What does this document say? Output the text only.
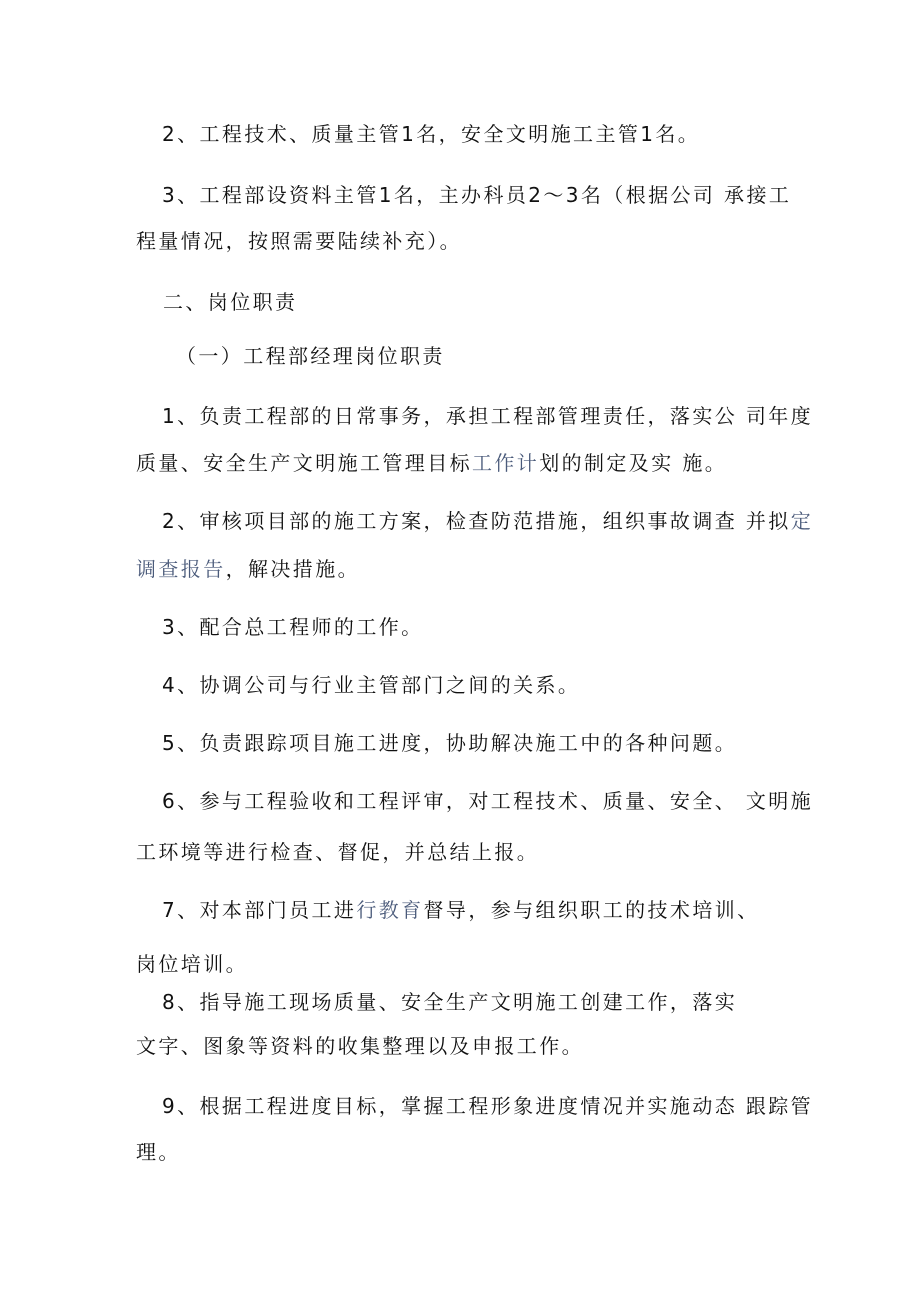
2、工程技术、质量主管1名，安全文明施工主管1名。
3、工程部设资料主管1名，主办科员2～3名（根据公司 承接工
程量情况，按照需要陆续补充）。
二、岗位职责
（一）工程部经理岗位职责
1、负责工程部的日常事务，承担工程部管理责任，落实公 司年度
质量、安全生产文明施工管理目标工作计划的制定及实 施。
2、审核项目部的施工方案，检查防范措施，组织事故调查 并拟定
调查报告，解决措施。
3、配合总工程师的工作。
4、协调公司与行业主管部门之间的关系。
5、负责跟踪项目施工进度，协助解决施工中的各种问题。
6、参与工程验收和工程评审，对工程技术、质量、安全、 文明施
工环境等进行检查、督促，并总结上报。
7、对本部门员工进行教育督导，参与组织职工的技术培训、
岗位培训。
8、指导施工现场质量、安全生产文明施工创建工作，落实
文字、图象等资料的收集整理以及申报工作。
9、根据工程进度目标，掌握工程形象进度情况并实施动态 跟踪管
理。
